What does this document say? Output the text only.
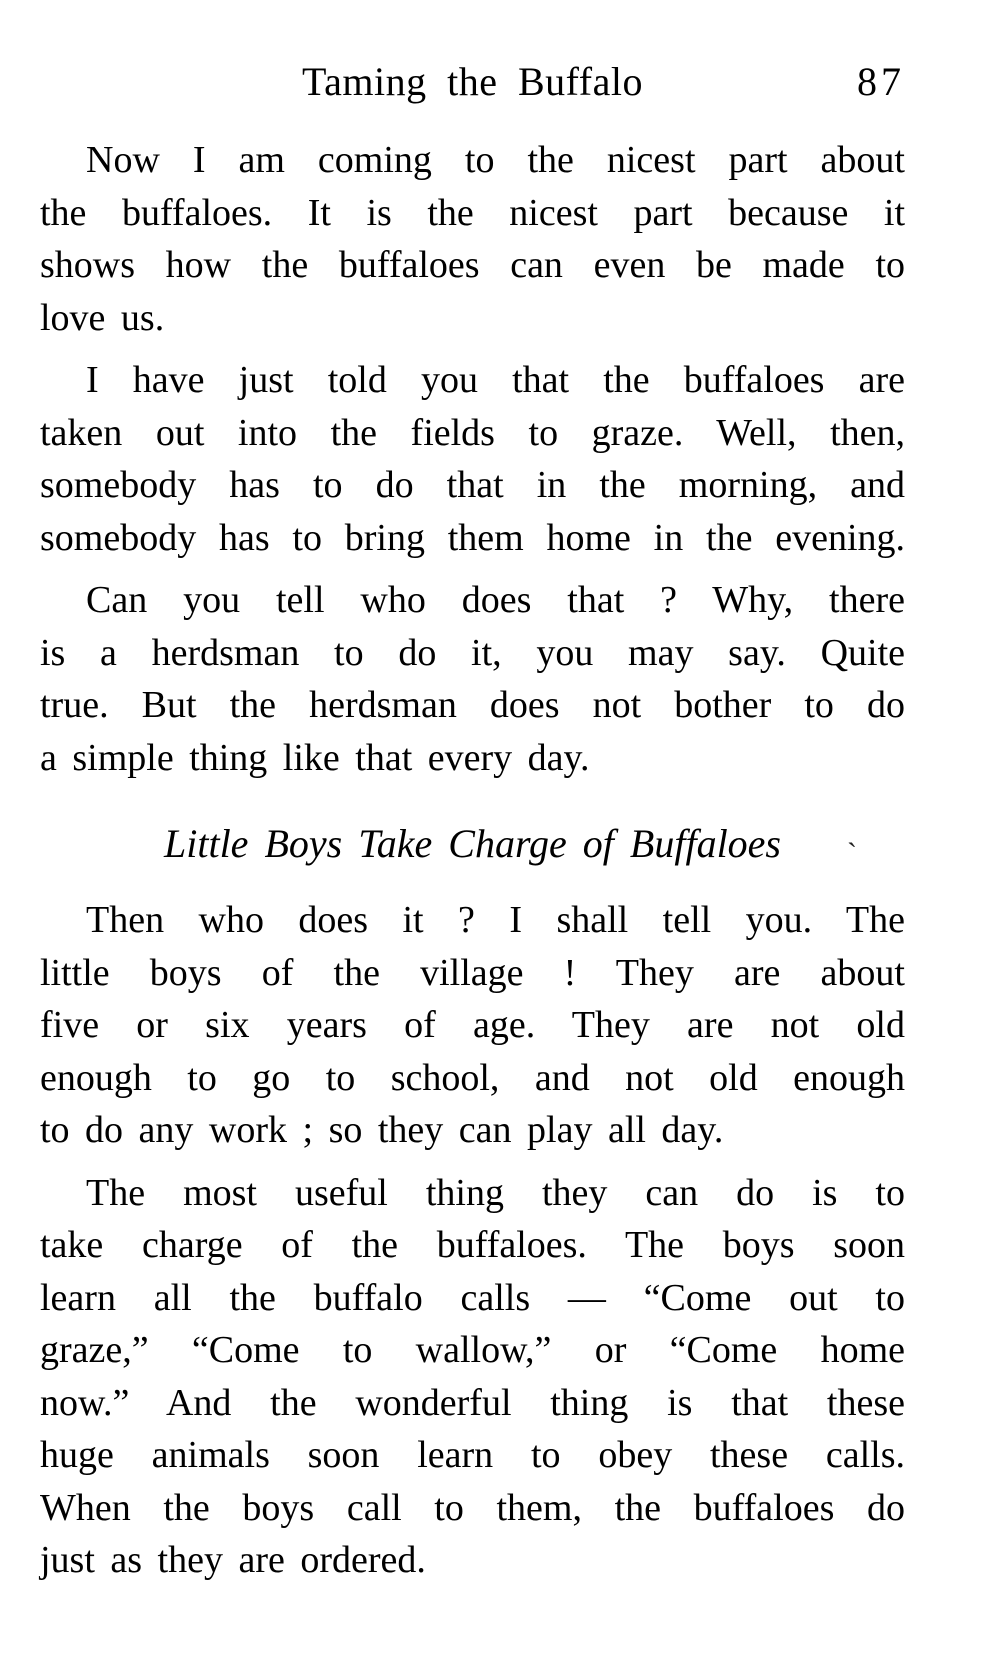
Taming the Buffalo	87
Now I am coming to the nicest part about
the buffaloes. It is the nicest part because it
shows how the buffaloes can even be made to
love us.
I have just told you that the buffaloes are
taken out into the fields to graze. Well, then,
somebody has to do that in the morning, and
somebody has to bring them home in the evening.
Can you tell who does that ? Why, there
is a herdsman to do it, you may say. Quite
true. But the herdsman does not bother to do
a simple thing like that every day.
Little Boys Take Charge of Buffaloes ˋ
Then who does it ? I shall tell you. The
little boys of the village ! They are about
five or six years of age. They are not old
enough to go to school, and not old enough
to do any work ; so they can play all day.
The most useful thing they can do is to
take charge of the buffaloes. The boys soon
learn all the buffalo calls — “Come out to
graze,” “Come to wallow,” or “Come home
now.” And the wonderful thing is that these
huge animals soon learn to obey these calls.
When the boys call to them, the buffaloes do
just as they are ordered.
